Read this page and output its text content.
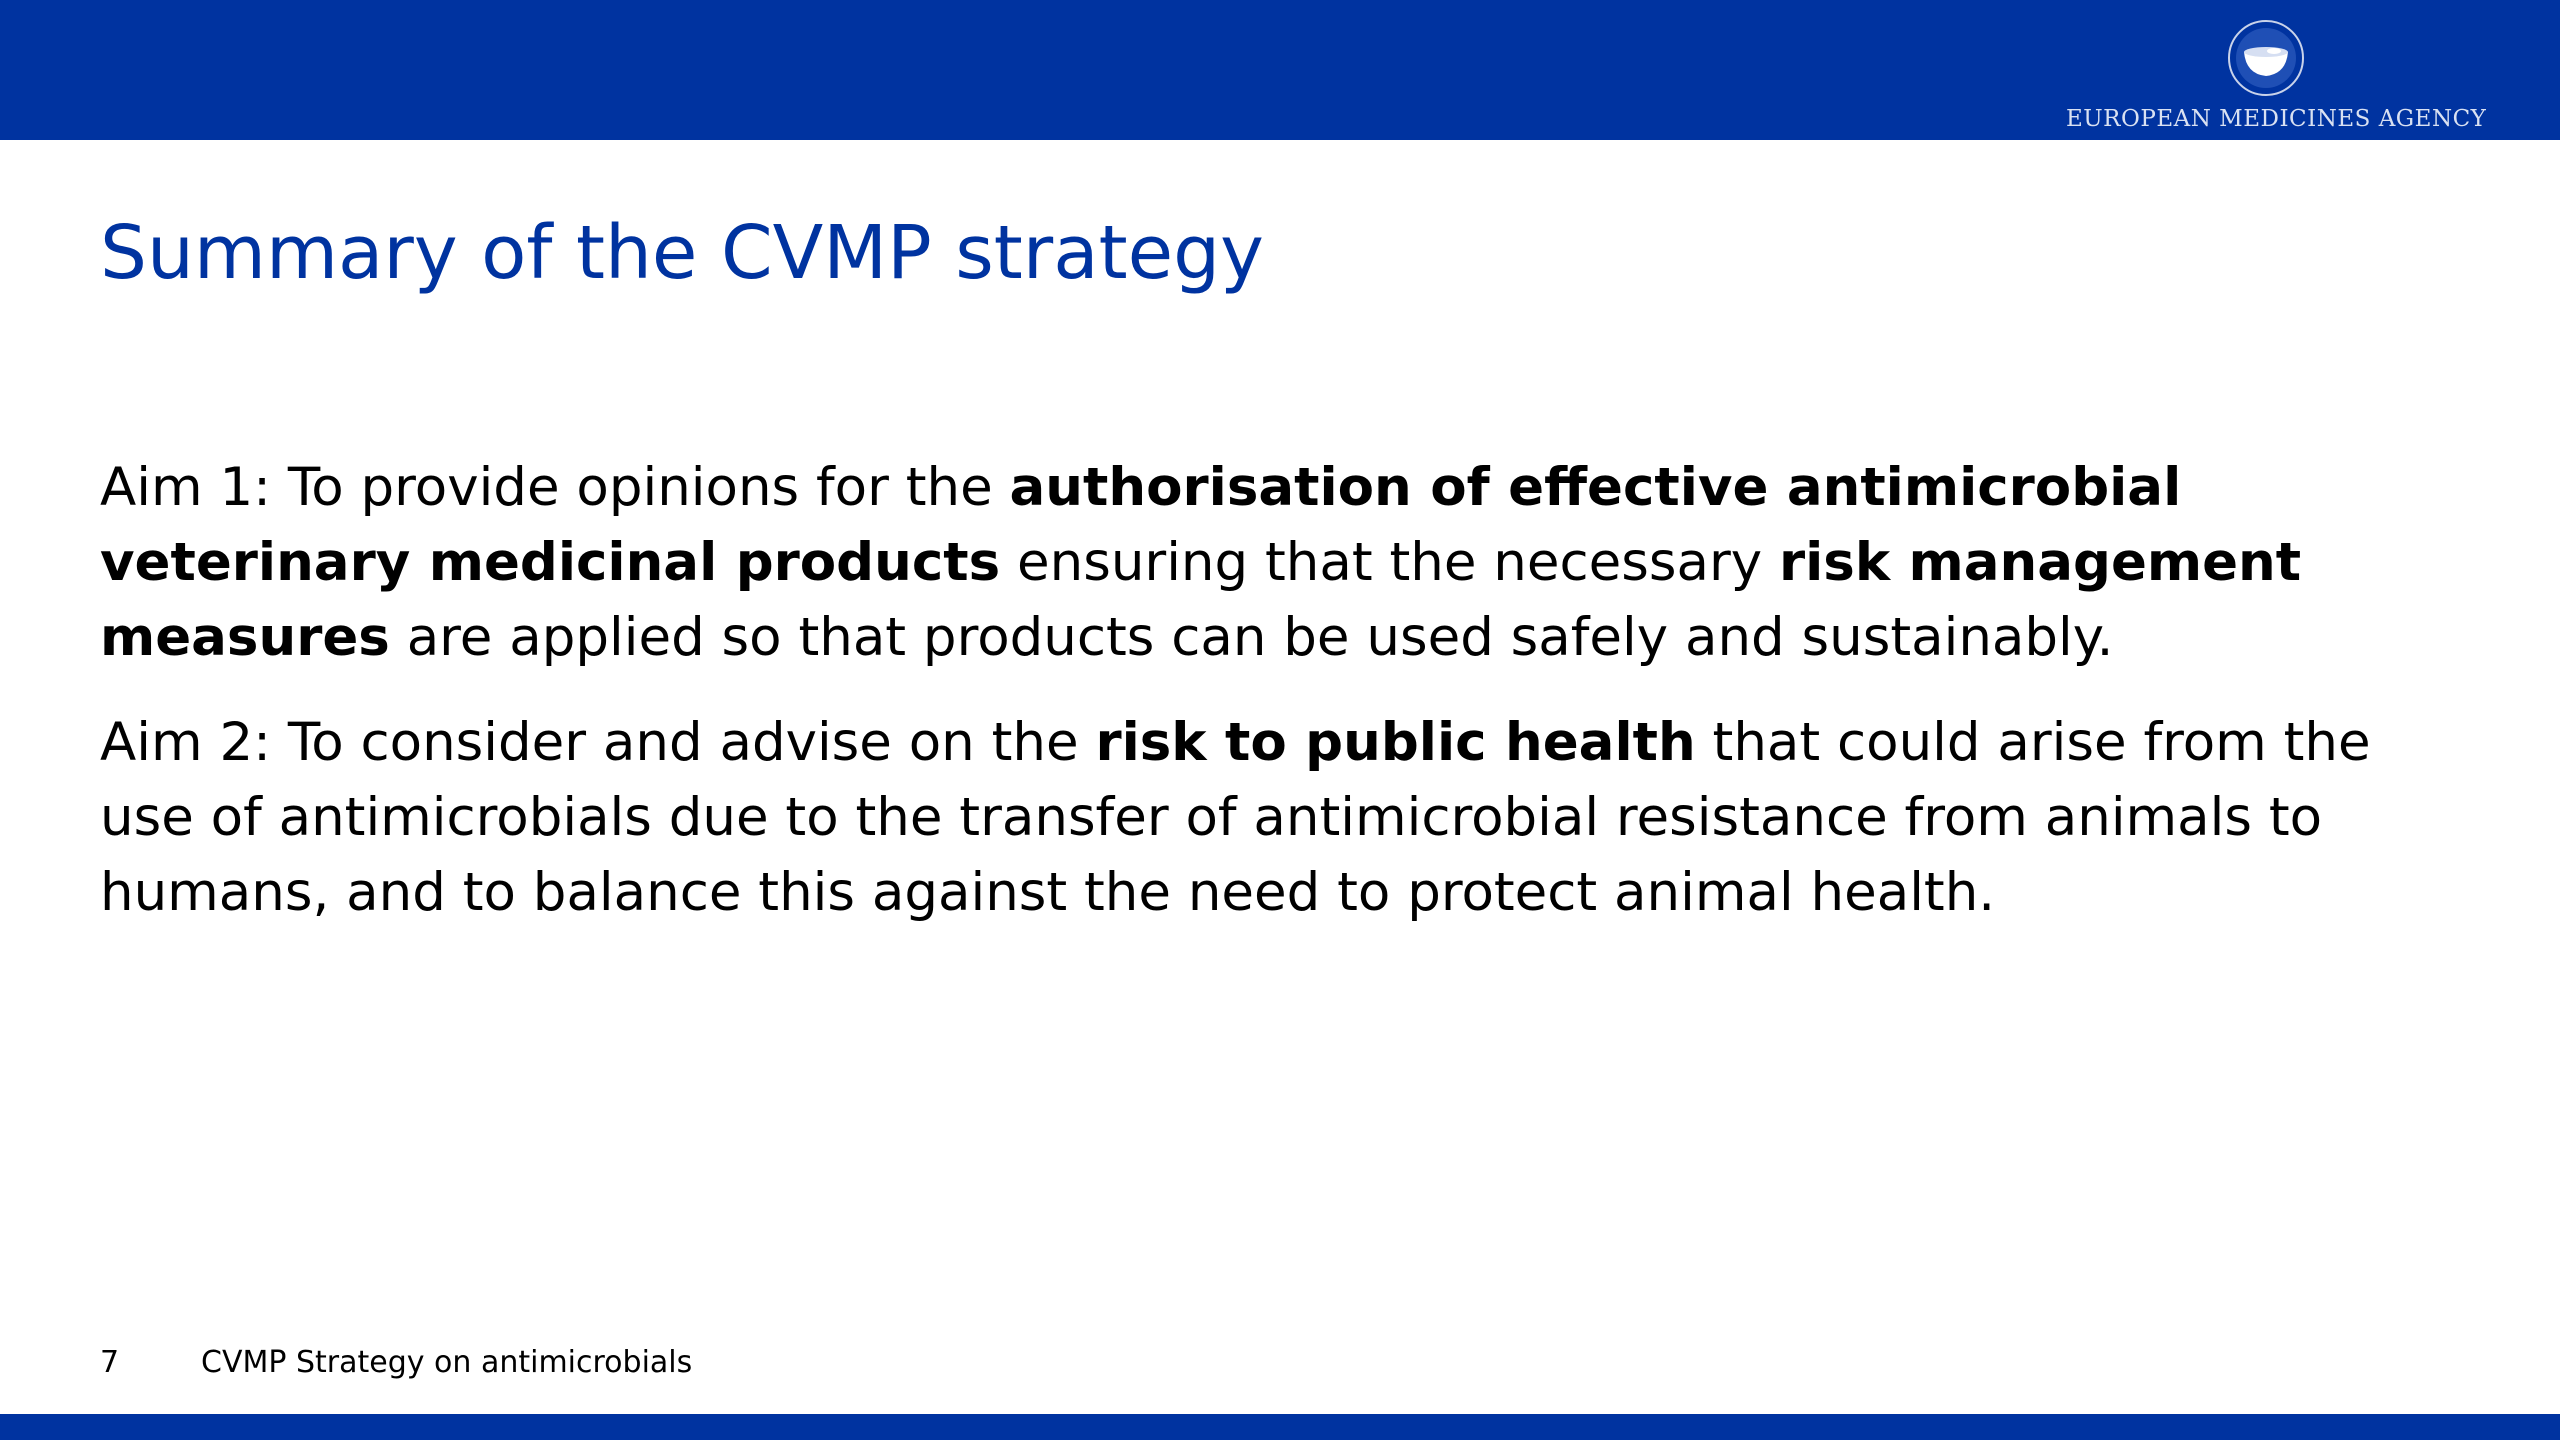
EUROPEAN MEDICINES AGENCY
Summary of the CVMP strategy

Aim 1: To provide opinions for the authorisation of effective antimicrobial veterinary medicinal products ensuring that the necessary risk management measures are applied so that products can be used safely and sustainably.

Aim 2: To consider and advise on the risk to public health that could arise from the use of antimicrobials due to the transfer of antimicrobial resistance from animals to humans, and to balance this against the need to protect animal health.

7	CVMP Strategy on antimicrobials
